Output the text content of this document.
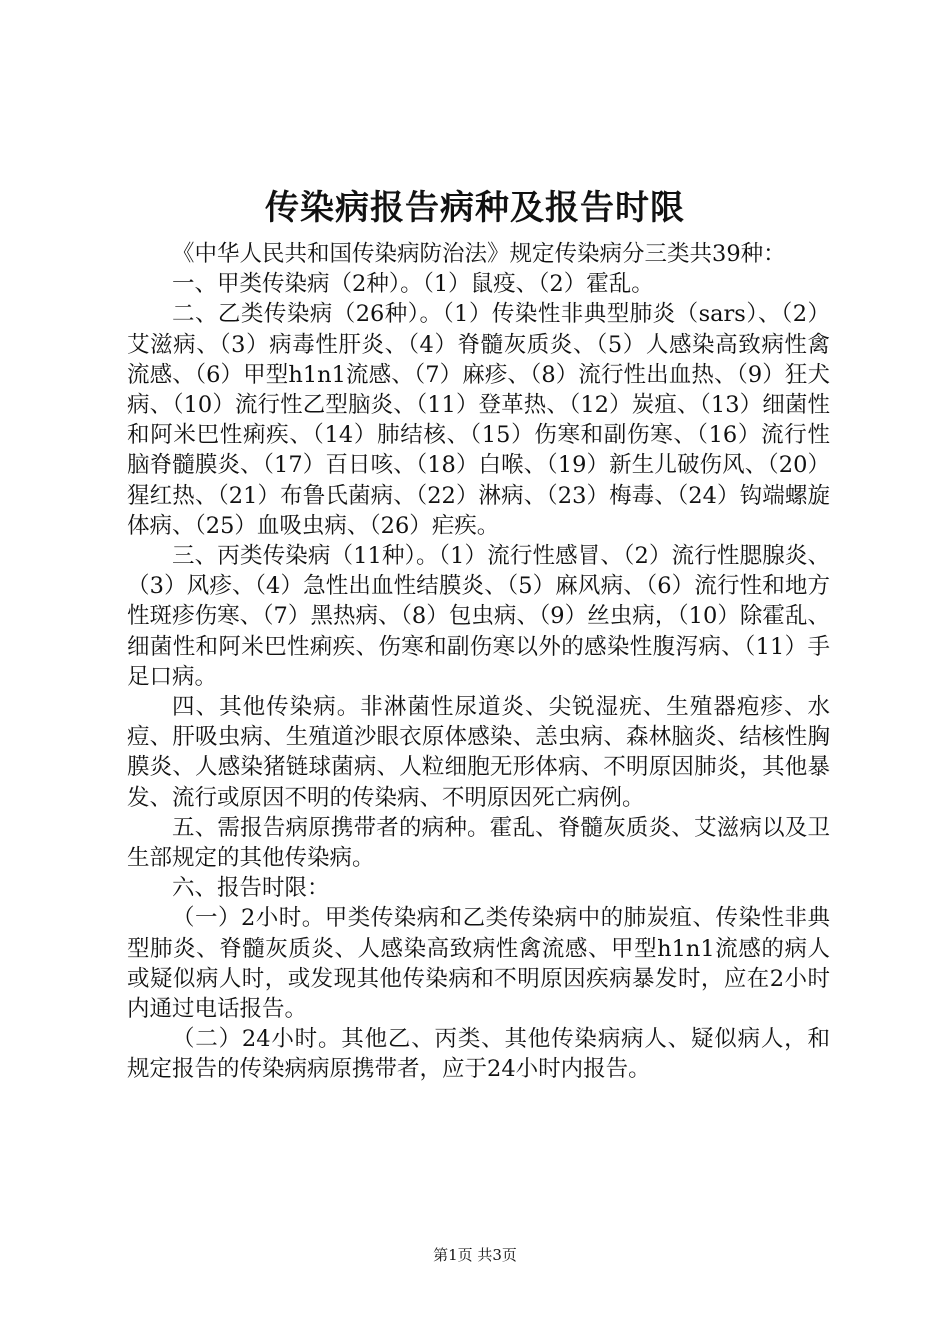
传染病报告病种及报告时限

《中华人民共和国传染病防治法》规定传染病分三类共39种：

一、甲类传染病（2种）。（1）鼠疫、（2）霍乱。

二、乙类传染病（26种）。（1）传染性非典型肺炎（sars）、（2）艾滋病、（3）病毒性肝炎、（4）脊髓灰质炎、（5）人感染高致病性禽流感、（6）甲型h1n1流感、（7）麻疹、（8）流行性出血热、（9）狂犬病、（10）流行性乙型脑炎、（11）登革热、（12）炭疽、（13）细菌性和阿米巴性痢疾、（14）肺结核、（15）伤寒和副伤寒、（16）流行性脑脊髓膜炎、（17）百日咳、（18）白喉、（19）新生儿破伤风、（20）猩红热、（21）布鲁氏菌病、（22）淋病、（23）梅毒、（24）钩端螺旋体病、（25）血吸虫病、（26）疟疾。

三、丙类传染病（11种）。（1）流行性感冒、（2）流行性腮腺炎、（3）风疹、（4）急性出血性结膜炎、（5）麻风病、（6）流行性和地方性斑疹伤寒、（7）黑热病、（8）包虫病、（9）丝虫病，（10）除霍乱、细菌性和阿米巴性痢疾、伤寒和副伤寒以外的感染性腹泻病、（11）手足口病。

四、其他传染病。非淋菌性尿道炎、尖锐湿疣、生殖器疱疹、水痘、肝吸虫病、生殖道沙眼衣原体感染、恙虫病、森林脑炎、结核性胸膜炎、人感染猪链球菌病、人粒细胞无形体病、不明原因肺炎，其他暴发、流行或原因不明的传染病、不明原因死亡病例。

五、需报告病原携带者的病种。霍乱、脊髓灰质炎、艾滋病以及卫生部规定的其他传染病。

六、报告时限：

（一）2小时。甲类传染病和乙类传染病中的肺炭疽、传染性非典型肺炎、脊髓灰质炎、人感染高致病性禽流感、甲型h1n1流感的病人或疑似病人时，或发现其他传染病和不明原因疾病暴发时，应在2小时内通过电话报告。

（二）24小时。其他乙、丙类、其他传染病病人、疑似病人，和规定报告的传染病病原携带者，应于24小时内报告。

第1页 共3页
